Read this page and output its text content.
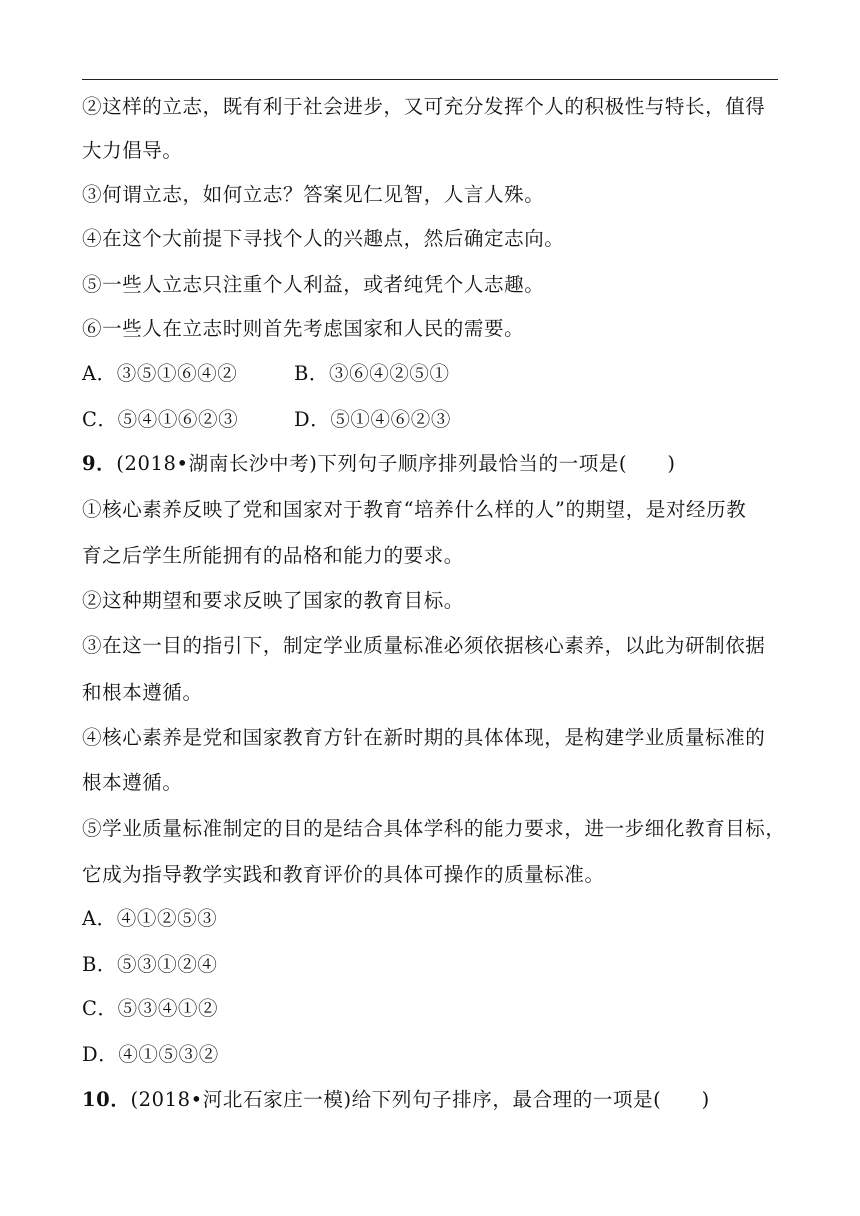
②这样的立志，既有利于社会进步，又可充分发挥个人的积极性与特长，值得
大力倡导。
③何谓立志，如何立志？答案见仁见智，人言人殊。
④在这个大前提下寻找个人的兴趣点，然后确定志向。
⑤一些人立志只注重个人利益，或者纯凭个人志趣。
⑥一些人在立志时则首先考虑国家和人民的需要。
A．③⑤①⑥④②	B．③⑥④②⑤①
C．⑤④①⑥②③	D．⑤①④⑥②③
9．(2018•湖南长沙中考)下列句子顺序排列最恰当的一项是(　　)
①核心素养反映了党和国家对于教育“培养什么样的人”的期望，是对经历教
育之后学生所能拥有的品格和能力的要求。
②这种期望和要求反映了国家的教育目标。
③在这一目的指引下，制定学业质量标准必须依据核心素养，以此为研制依据
和根本遵循。
④核心素养是党和国家教育方针在新时期的具体体现，是构建学业质量标准的
根本遵循。
⑤学业质量标准制定的目的是结合具体学科的能力要求，进一步细化教育目标，
它成为指导教学实践和教育评价的具体可操作的质量标准。
A．④①②⑤③
B．⑤③①②④
C．⑤③④①②
D．④①⑤③②
10．(2018•河北石家庄一模)给下列句子排序，最合理的一项是(　　)
